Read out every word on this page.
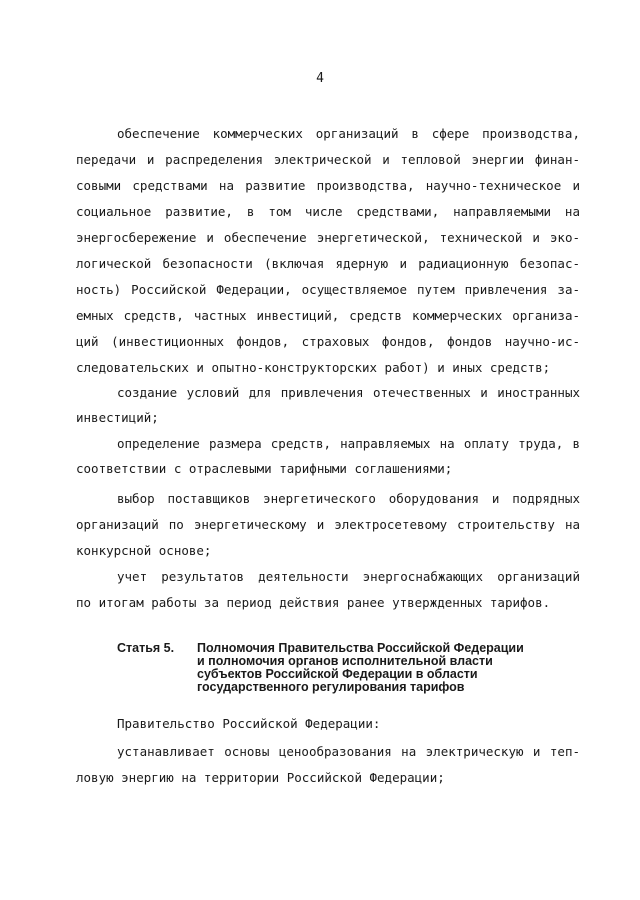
4
обеспечение коммерческих организаций в сфере производства,
передачи и распределения электрической и тепловой энергии финан-
совыми средствами на развитие производства, научно-техническое и
социальное развитие, в том числе средствами, направляемыми на
энергосбережение и обеспечение энергетической, технической и эко-
логической безопасности (включая ядерную и радиационную безопас-
ность) Российской Федерации, осуществляемое путем привлечения за-
емных средств, частных инвестиций, средств коммерческих организа-
ций (инвестиционных фондов, страховых фондов, фондов научно-ис-
следовательских и опытно-конструкторских работ) и иных средств;
создание условий для привлечения отечественных и иностранных
инвестиций;
определение размера средств, направляемых на оплату труда, в
соответствии с отраслевыми тарифными соглашениями;
выбор поставщиков энергетического оборудования и подрядных
организаций по энергетическому и электросетевому строительству на
конкурсной основе;
учет результатов деятельности энергоснабжающих организаций
по итогам работы за период действия ранее утвержденных тарифов.
Статья 5. Полномочия Правительства Российской Федерации
и полномочия органов исполнительной власти
субъектов Российской Федерации в области
государственного регулирования тарифов
Правительство Российской Федерации:
устанавливает основы ценообразования на электрическую и теп-
ловую энергию на территории Российской Федерации;
